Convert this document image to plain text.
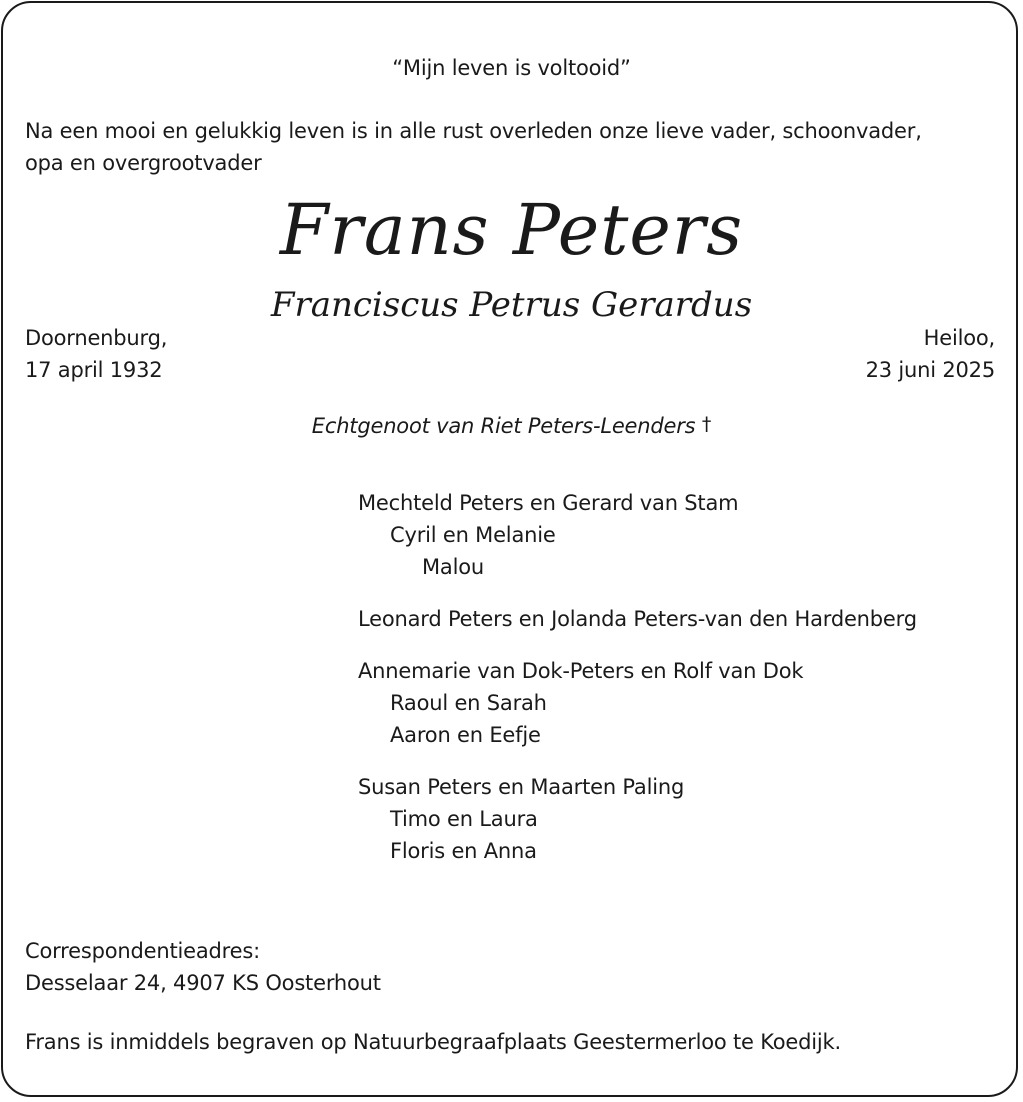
“Mijn leven is voltooid”
Na een mooi en gelukkig leven is in alle rust overleden onze lieve vader, schoonvader,
opa en overgrootvader
Frans Peters
Franciscus Petrus Gerardus
Doornenburg,
17 april 1932
Heiloo,
23 juni 2025
Echtgenoot van Riet Peters-Leenders †
Mechteld Peters en Gerard van Stam
Cyril en Melanie
Malou
Leonard Peters en Jolanda Peters-van den Hardenberg
Annemarie van Dok-Peters en Rolf van Dok
Raoul en Sarah
Aaron en Eefje
Susan Peters en Maarten Paling
Timo en Laura
Floris en Anna
Correspondentieadres:
Desselaar 24, 4907 KS Oosterhout
Frans is inmiddels begraven op Natuurbegraafplaats Geestermerloo te Koedijk.
